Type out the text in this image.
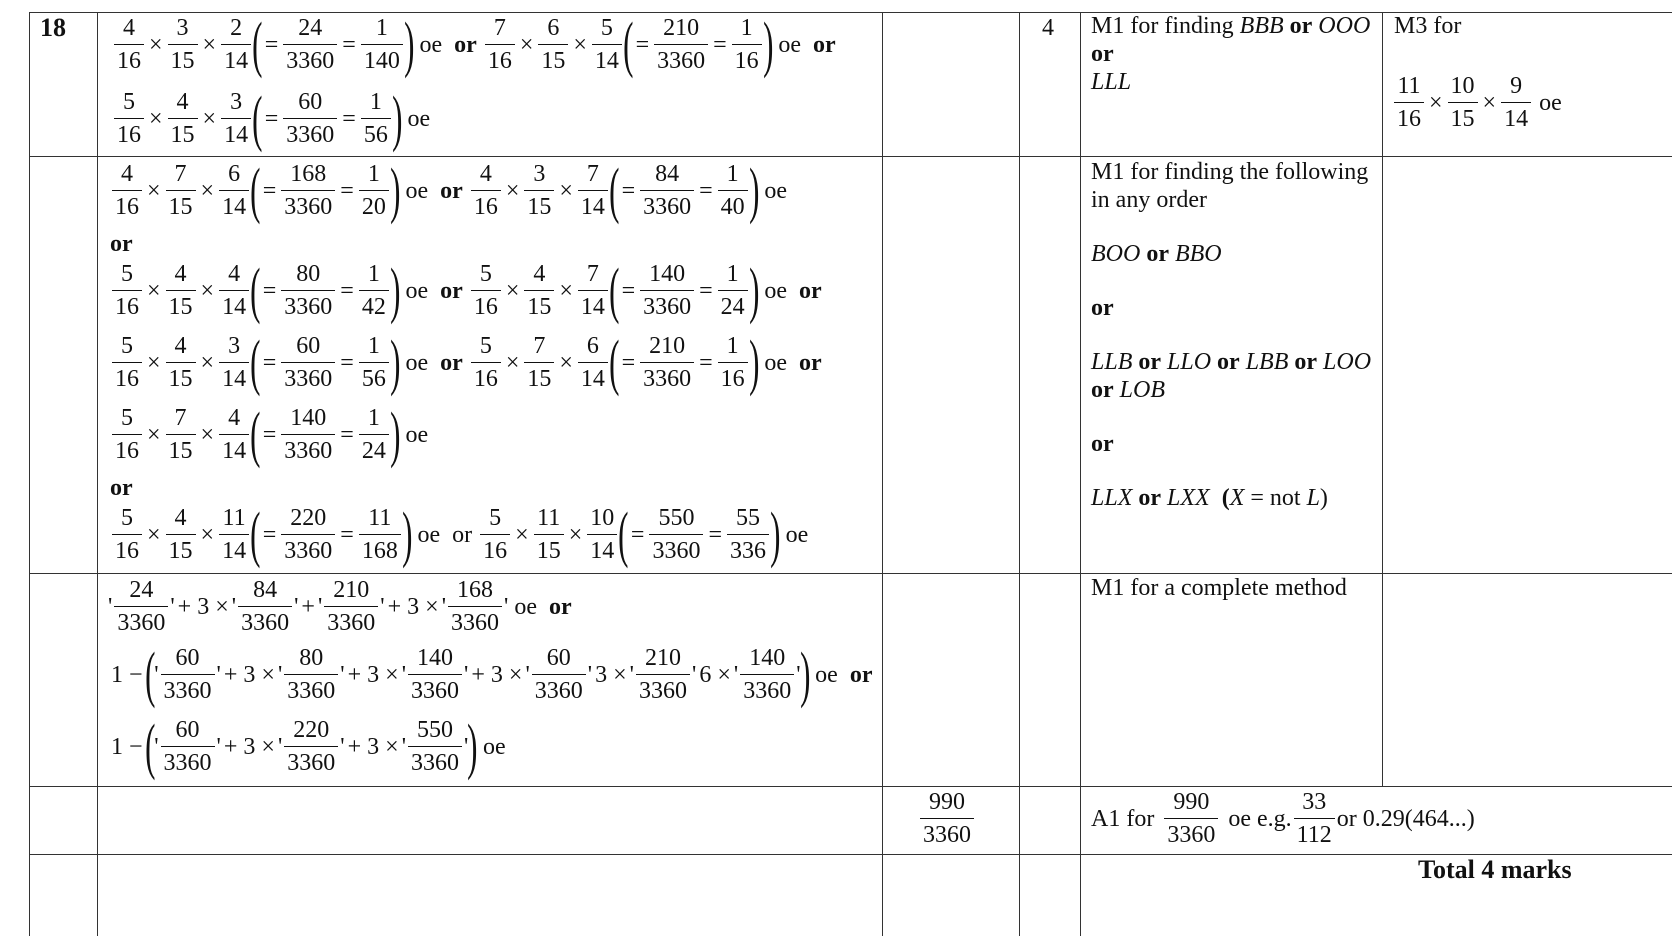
18	4
$\frac{4}{16} \times \frac{3}{15} \times \frac{2}{14}$ ( = $\frac{24}{3360} = \frac{1}{140}$ ) oe or $\frac{7}{16} \times \frac{6}{15} \times \frac{5}{14}$ ( = $\frac{210}{3360} = \frac{1}{16}$ ) oe or
$\frac{5}{16} \times \frac{4}{15} \times \frac{3}{14}$ ( = $\frac{60}{3360} = \frac{1}{56}$ ) oe
$\frac{4}{16} \times \frac{7}{15} \times \frac{6}{14}$ ( = $\frac{168}{3360} = \frac{1}{20}$ ) oe or $\frac{4}{16} \times \frac{3}{15} \times \frac{7}{14}$ ( = $\frac{84}{3360} = \frac{1}{40}$ ) oe
or
$\frac{5}{16} \times \frac{4}{15} \times \frac{4}{14}$ ( = $\frac{80}{3360} = \frac{1}{42}$ ) oe or $\frac{5}{16} \times \frac{4}{15} \times \frac{7}{14}$ ( = $\frac{140}{3360} = \frac{1}{24}$ ) oe or
$\frac{5}{16} \times \frac{4}{15} \times \frac{3}{14}$ ( = $\frac{60}{3360} = \frac{1}{56}$ ) oe or $\frac{5}{16} \times \frac{7}{15} \times \frac{6}{14}$ ( = $\frac{210}{3360} = \frac{1}{16}$ ) oe or
$\frac{5}{16} \times \frac{7}{15} \times \frac{4}{14}$ ( = $\frac{140}{3360} = \frac{1}{24}$ ) oe
or
$\frac{5}{16} \times \frac{4}{15} \times \frac{11}{14}$ ( = $\frac{220}{3360} = \frac{11}{168}$ ) oe or $\frac{5}{16} \times \frac{11}{15} \times \frac{10}{14}$ ( = $\frac{550}{3360} = \frac{55}{336}$ ) oe
' $\frac{24}{3360}$ ' + 3 × ' $\frac{84}{3360}$ ' + ' $\frac{210}{3360}$ ' + 3 × ' $\frac{168}{3360}$ ' oe or
1 − ( ' $\frac{60}{3360}$ ' + 3 × ' $\frac{80}{3360}$ ' + 3 × ' $\frac{140}{3360}$ ' + 3 × ' $\frac{60}{3360}$ ' 3 × ' $\frac{210}{3360}$ ' 6 × ' $\frac{140}{3360}$ ' ) oe or
1 − ( ' $\frac{60}{3360}$ ' + 3 × ' $\frac{220}{3360}$ ' + 3 × ' $\frac{550}{3360}$ ' ) oe
$\frac{990}{3360}$
M1 for finding BBB or OOO
or
LLL
M1 for finding the following
in any order
BOO or BBO
or
LLB or LLO or LBB or LOO
or LOB
or
LLX or LXX (X = not L)
M1 for a complete method
A1 for $\frac{990}{3360}$ oe e.g. $\frac{33}{112}$ or 0.29(464...)
Total 4 marks
M3 for
$\frac{11}{16} \times \frac{10}{15} \times \frac{9}{14}$ oe
